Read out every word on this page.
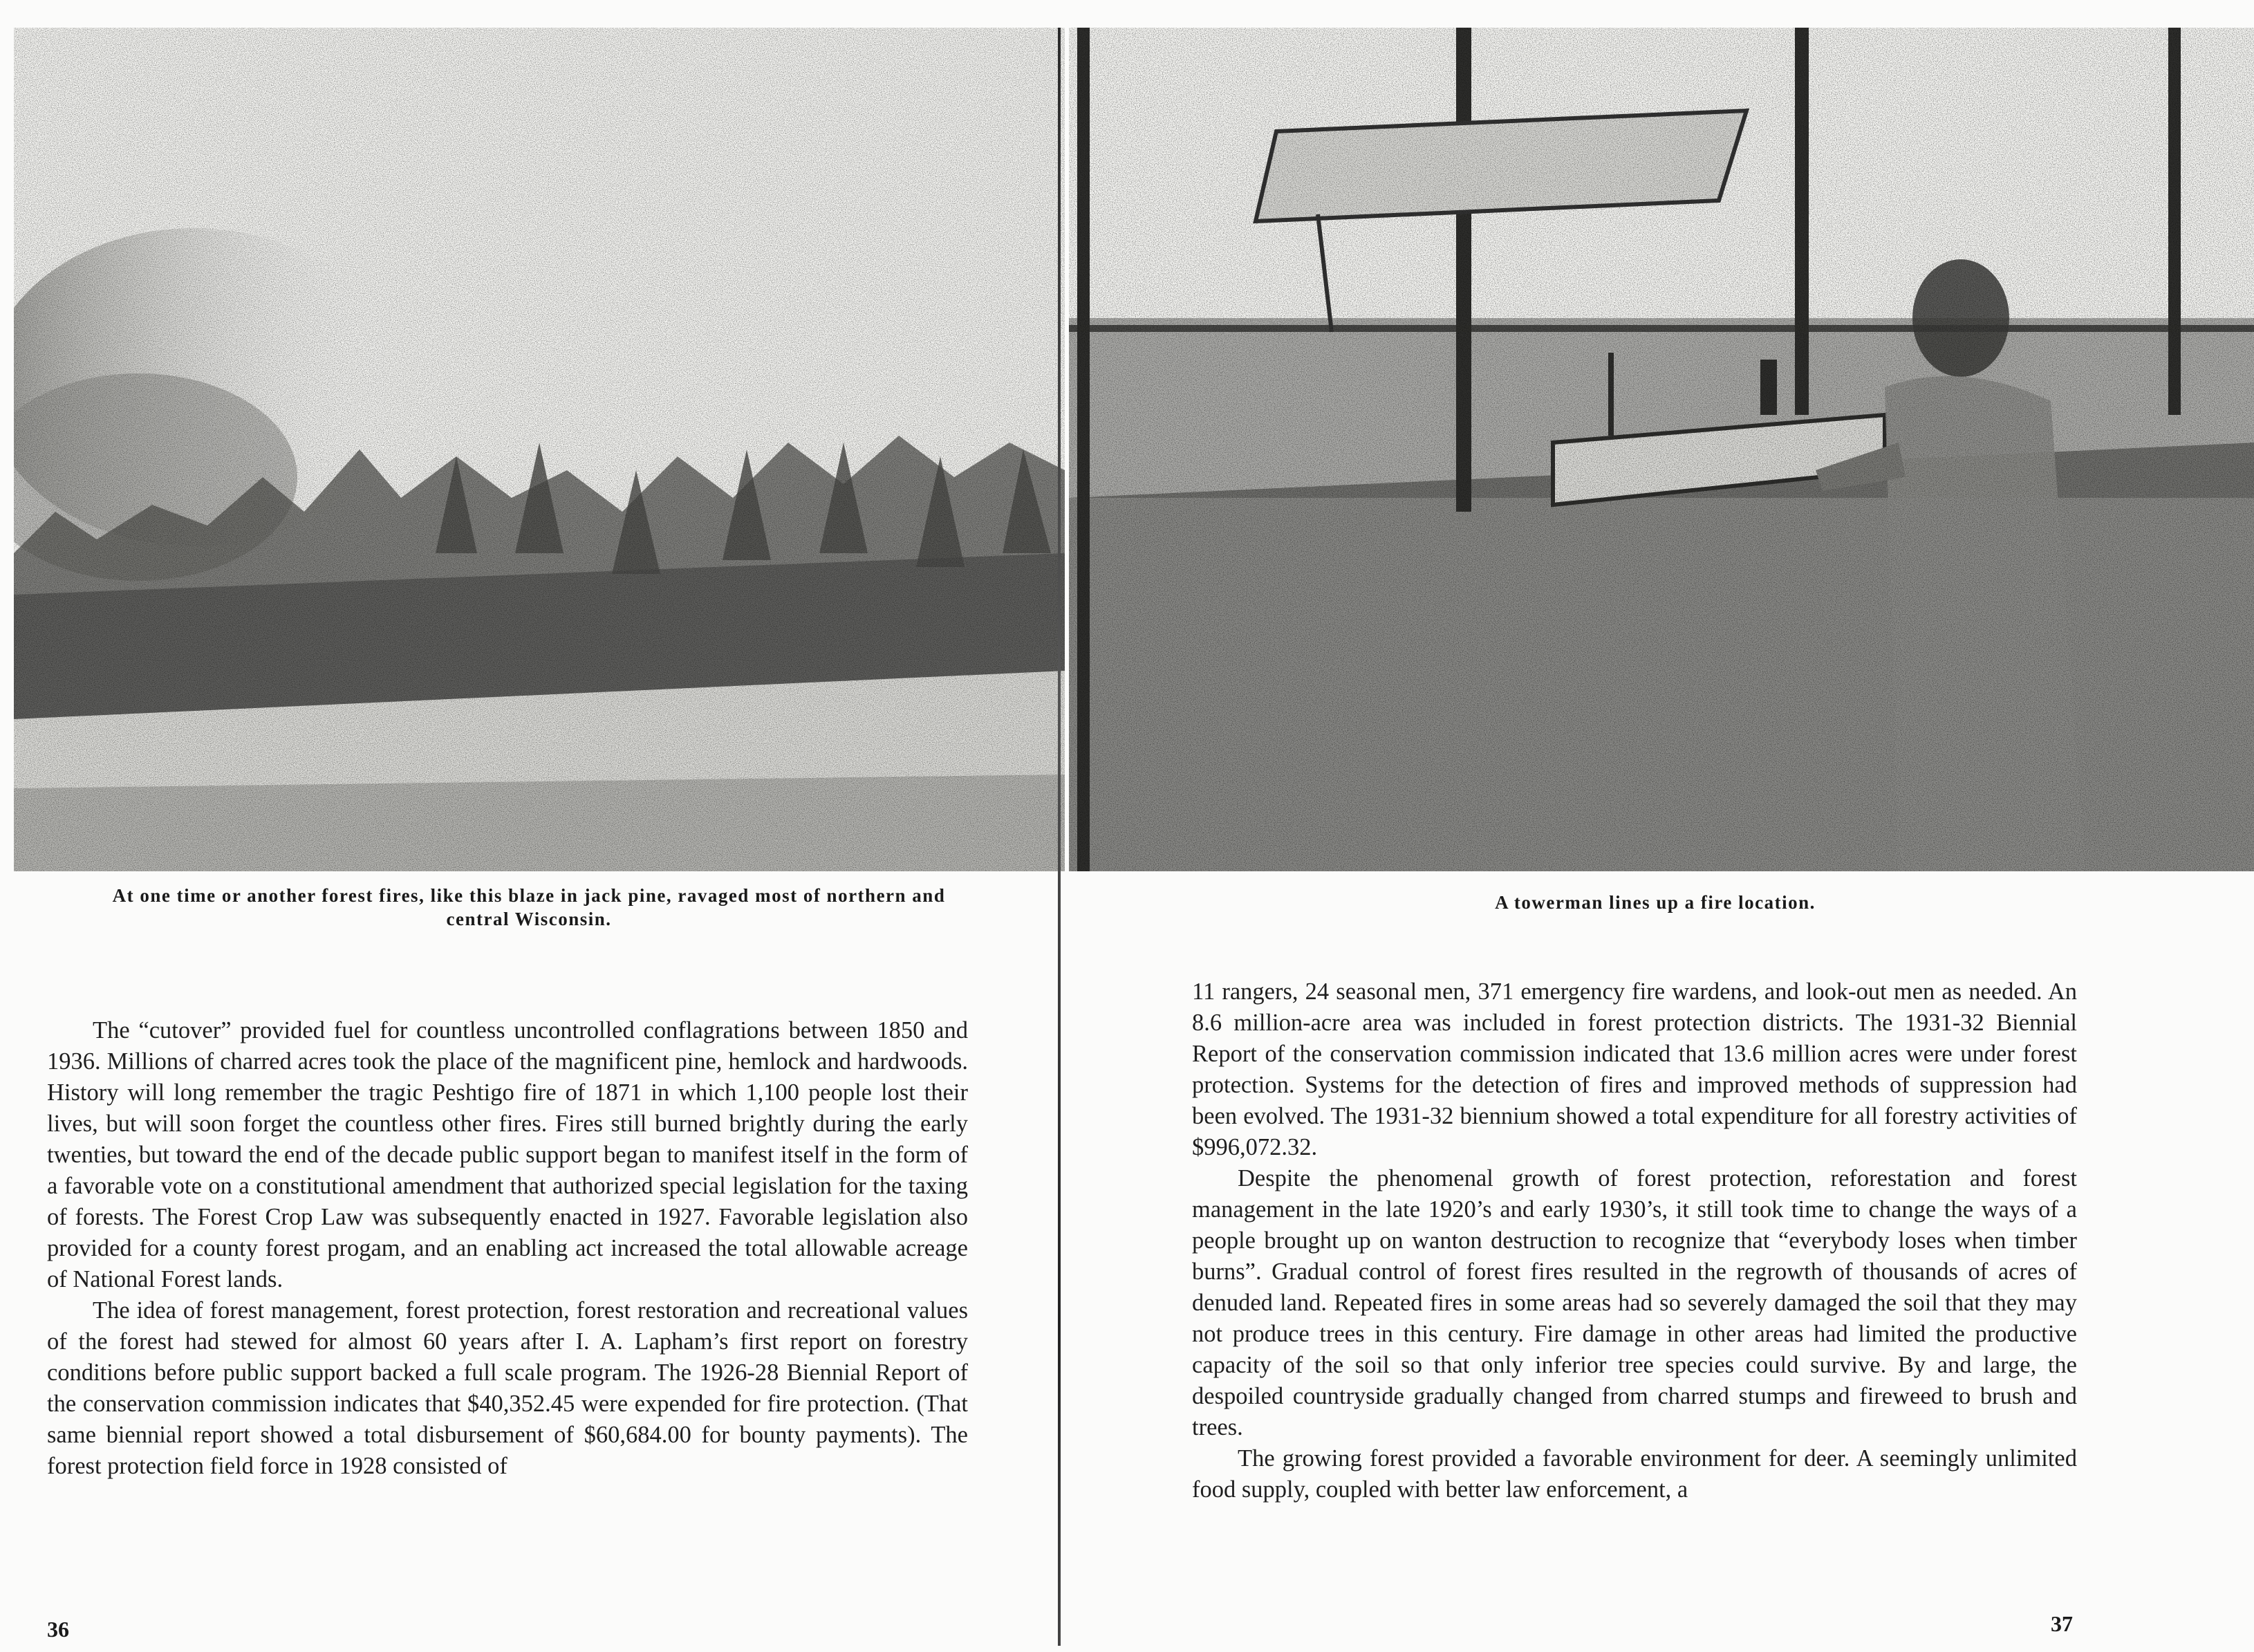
At one time or another forest fires, like this blaze in jack pine, ravaged most of northern and central Wisconsin.

The “cutover” provided fuel for countless uncontrolled conflagrations between 1850 and 1936. Millions of charred acres took the place of the magnificent pine, hemlock and hardwoods. History will long remember the tragic Peshtigo fire of 1871 in which 1,100 people lost their lives, but will soon forget the countless other fires. Fires still burned brightly during the early twenties, but toward the end of the decade public support began to manifest itself in the form of a favorable vote on a constitutional amendment that authorized special legislation for the taxing of forests. The Forest Crop Law was subsequently enacted in 1927. Favorable legislation also provided for a county forest progam, and an enabling act increased the total allowable acreage of National Forest lands.

The idea of forest management, forest protection, forest restoration and recreational values of the forest had stewed for almost 60 years after I. A. Lapham’s first report on forestry conditions before public support backed a full scale program. The 1926-28 Biennial Report of the conservation commission indicates that $40,352.45 were expended for fire protection. (That same biennial report showed a total disbursement of $60,684.00 for bounty payments). The forest protection field force in 1928 consisted of

36
A towerman lines up a fire location.

11 rangers, 24 seasonal men, 371 emergency fire wardens, and look-out men as needed. An 8.6 million-acre area was included in forest protection districts. The 1931-32 Biennial Report of the conservation commission indicated that 13.6 million acres were under forest protection. Systems for the detection of fires and improved methods of suppression had been evolved. The 1931-32 biennium showed a total expenditure for all forestry activities of $996,072.32.

Despite the phenomenal growth of forest protection, reforestation and forest management in the late 1920’s and early 1930’s, it still took time to change the ways of a people brought up on wanton destruction to recognize that “everybody loses when timber burns”. Gradual control of forest fires resulted in the regrowth of thousands of acres of denuded land. Repeated fires in some areas had so severely damaged the soil that they may not produce trees in this century. Fire damage in other areas had limited the productive capacity of the soil so that only inferior tree species could survive. By and large, the despoiled countryside gradually changed from charred stumps and fireweed to brush and trees.

The growing forest provided a favorable environment for deer. A seemingly unlimited food supply, coupled with better law enforcement, a

37
